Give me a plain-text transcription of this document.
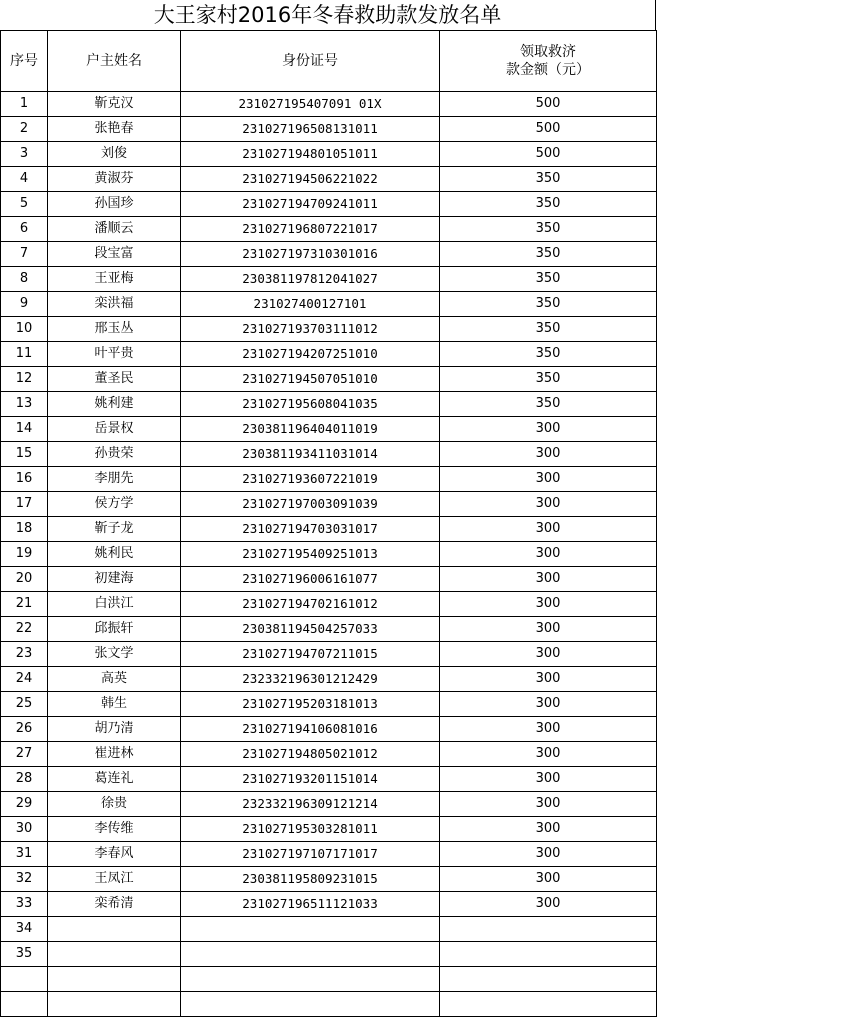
大王家村2016年冬春救助款发放名单
序号	户主姓名	身份证号	领取救济
款金额（元）
1	靳克汉	231027195407091 01X	500
2	张艳春	231027196508131011	500
3	刘俊	231027194801051011	500
4	黄淑芬	231027194506221022	350
5	孙国珍	231027194709241011	350
6	潘顺云	231027196807221017	350
7	段宝富	231027197310301016	350
8	王亚梅	230381197812041027	350
9	栾洪福	231027400127101	350
10	邢玉丛	231027193703111012	350
11	叶平贵	231027194207251010	350
12	董圣民	231027194507051010	350
13	姚利建	231027195608041035	350
14	岳景权	230381196404011019	300
15	孙贵荣	230381193411031014	300
16	李朋先	231027193607221019	300
17	侯方学	231027197003091039	300
18	靳子龙	231027194703031017	300
19	姚利民	231027195409251013	300
20	初建海	231027196006161077	300
21	白洪江	231027194702161012	300
22	邱振轩	230381194504257033	300
23	张文学	231027194707211015	300
24	高英	232332196301212429	300
25	韩生	231027195203181013	300
26	胡乃清	231027194106081016	300
27	崔进林	231027194805021012	300
28	葛连礼	231027193201151014	300
29	徐贵	232332196309121214	300
30	李传维	231027195303281011	300
31	李春风	231027197107171017	300
32	王凤江	230381195809231015	300
33	栾希清	231027196511121033	300
34			
35			
